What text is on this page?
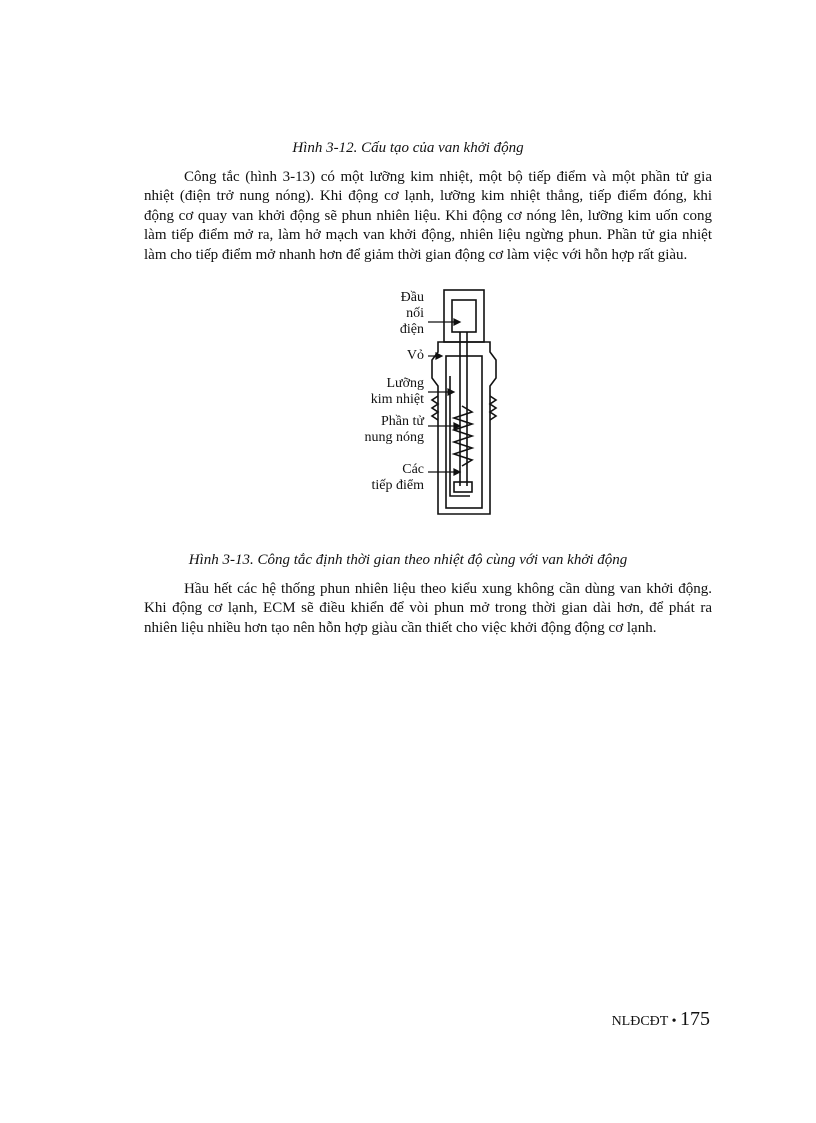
Hình 3-12. Cấu tạo của van khởi động

Công tắc (hình 3-13) có một lưỡng kim nhiệt, một bộ tiếp điểm và một phần tử gia nhiệt (điện trở nung nóng). Khi động cơ lạnh, lưỡng kim nhiệt thẳng, tiếp điểm đóng, khi động cơ quay van khởi động sẽ phun nhiên liệu. Khi động cơ nóng lên, lưỡng kim uốn cong làm tiếp điểm mở ra, làm hở mạch van khởi động, nhiên liệu ngừng phun. Phần tử gia nhiệt làm cho tiếp điểm mở nhanh hơn để giảm thời gian động cơ làm việc với hỗn hợp rất giàu.

Đầu
nối
điện
Vỏ
Lưỡng
kim nhiệt
Phần tử
nung nóng
Các
tiếp điểm
Hình 3-13. Công tắc định thời gian theo nhiệt độ cùng với van khởi động

Hầu hết các hệ thống phun nhiên liệu theo kiểu xung không cần dùng van khởi động. Khi động cơ lạnh, ECM sẽ điều khiển để vòi phun mở trong thời gian dài hơn, để phát ra nhiên liệu nhiều hơn tạo nên hỗn hợp giàu cần thiết cho việc khởi động động cơ lạnh.

NLĐCĐT • 175
